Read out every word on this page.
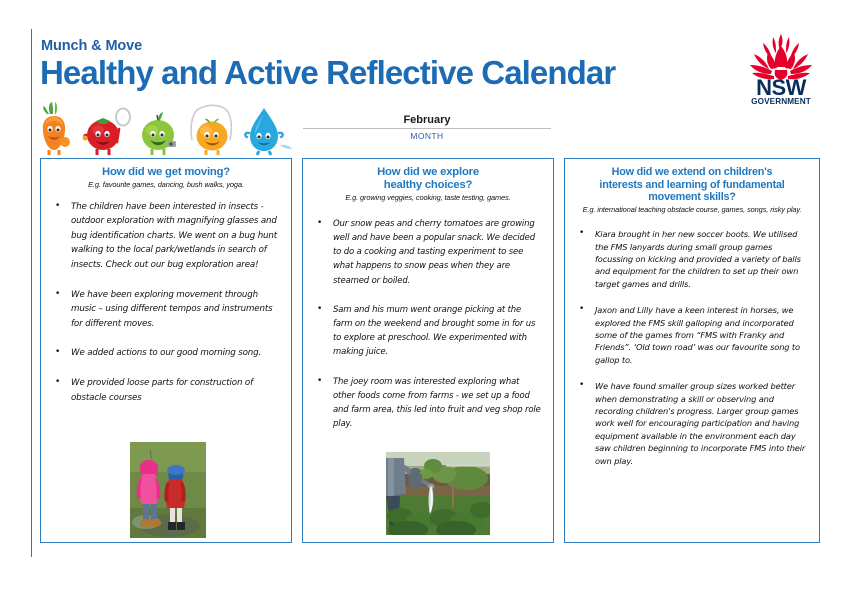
Munch & Move
Healthy and Active Reflective Calendar	NSW
GOVERNMENT
February
MONTH
How did we get moving?
E.g. favourite games, dancing, bush walks, yoga.
• The children have been interested in insects - outdoor exploration with magnifying glasses and bug identification charts. We went on a bug hunt walking to the local park/wetlands in search of insects. Check out our bug exploration area!
• We have been exploring movement through music – using different tempos and instruments for different moves.
• We added actions to our good morning song.
• We provided loose parts for construction of obstacle courses
How did we explore
healthy choices?
E.g. growing veggies, cooking, taste testing, games.
• Our snow peas and cherry tomatoes are growing well and have been a popular snack. We decided to do a cooking and tasting experiment to see what happens to snow peas when they are steamed or boiled.
• Sam and his mum went orange picking at the farm on the weekend and brought some in for us to explore at preschool. We experimented with making juice.
• The joey room was interested exploring what other foods come from farms - we set up a food and farm area, this led into fruit and veg shop role play.
How did we extend on children's
interests and learning of fundamental
movement skills?
E.g. international teaching obstacle course, games, songs, risky play.
• Kiara brought in her new soccer boots. We utilised the FMS lanyards during small group games focussing on kicking and provided a variety of balls and equipment for the children to set up their own target games and drills.
• Jaxon and Lilly have a keen interest in horses, we explored the FMS skill galloping and incorporated some of the games from “FMS with Franky and Friends”. ‘Old town road’ was our favourite song to gallop to.
• We have found smaller group sizes worked better when demonstrating a skill or observing and recording children's progress. Larger group games work well for encouraging participation and having equipment available in the environment each day saw children beginning to incorporate FMS into their own play.
